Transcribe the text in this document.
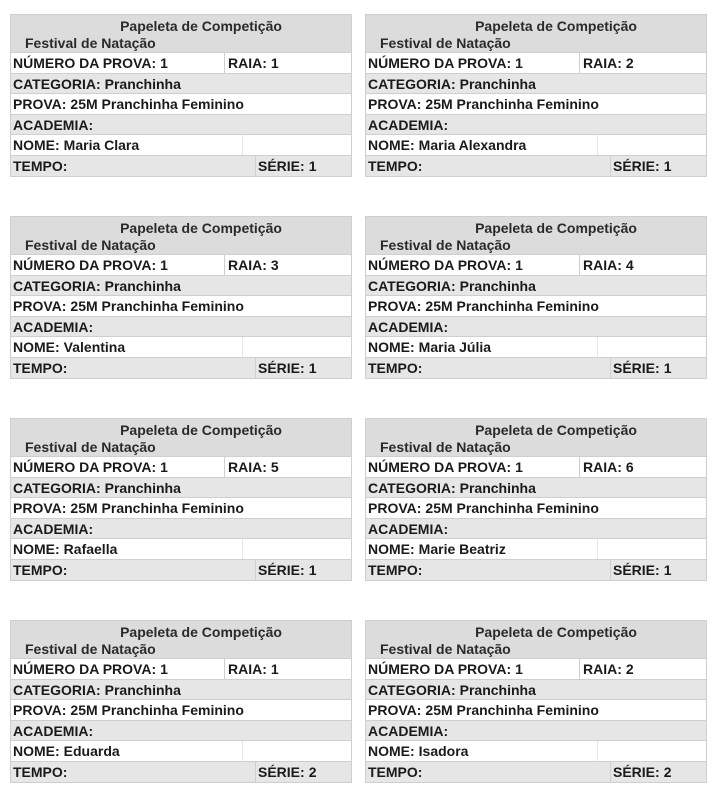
Papeleta de Competição
Festival de Natação
NÚMERO DA PROVA: 1	RAIA: 1
CATEGORIA: Pranchinha
PROVA: 25M Pranchinha Feminino
ACADEMIA:
NOME: Maria Clara
TEMPO:	SÉRIE: 1
Papeleta de Competição
Festival de Natação
NÚMERO DA PROVA: 1	RAIA: 2
CATEGORIA: Pranchinha
PROVA: 25M Pranchinha Feminino
ACADEMIA:
NOME: Maria Alexandra
TEMPO:	SÉRIE: 1
Papeleta de Competição
Festival de Natação
NÚMERO DA PROVA: 1	RAIA: 3
CATEGORIA: Pranchinha
PROVA: 25M Pranchinha Feminino
ACADEMIA:
NOME: Valentina
TEMPO:	SÉRIE: 1
Papeleta de Competição
Festival de Natação
NÚMERO DA PROVA: 1	RAIA: 4
CATEGORIA: Pranchinha
PROVA: 25M Pranchinha Feminino
ACADEMIA:
NOME: Maria Júlia
TEMPO:	SÉRIE: 1
Papeleta de Competição
Festival de Natação
NÚMERO DA PROVA: 1	RAIA: 5
CATEGORIA: Pranchinha
PROVA: 25M Pranchinha Feminino
ACADEMIA:
NOME: Rafaella
TEMPO:	SÉRIE: 1
Papeleta de Competição
Festival de Natação
NÚMERO DA PROVA: 1	RAIA: 6
CATEGORIA: Pranchinha
PROVA: 25M Pranchinha Feminino
ACADEMIA:
NOME: Marie Beatriz
TEMPO:	SÉRIE: 1
Papeleta de Competição
Festival de Natação
NÚMERO DA PROVA: 1	RAIA: 1
CATEGORIA: Pranchinha
PROVA: 25M Pranchinha Feminino
ACADEMIA:
NOME: Eduarda
TEMPO:	SÉRIE: 2
Papeleta de Competição
Festival de Natação
NÚMERO DA PROVA: 1	RAIA: 2
CATEGORIA: Pranchinha
PROVA: 25M Pranchinha Feminino
ACADEMIA:
NOME: Isadora
TEMPO:	SÉRIE: 2
